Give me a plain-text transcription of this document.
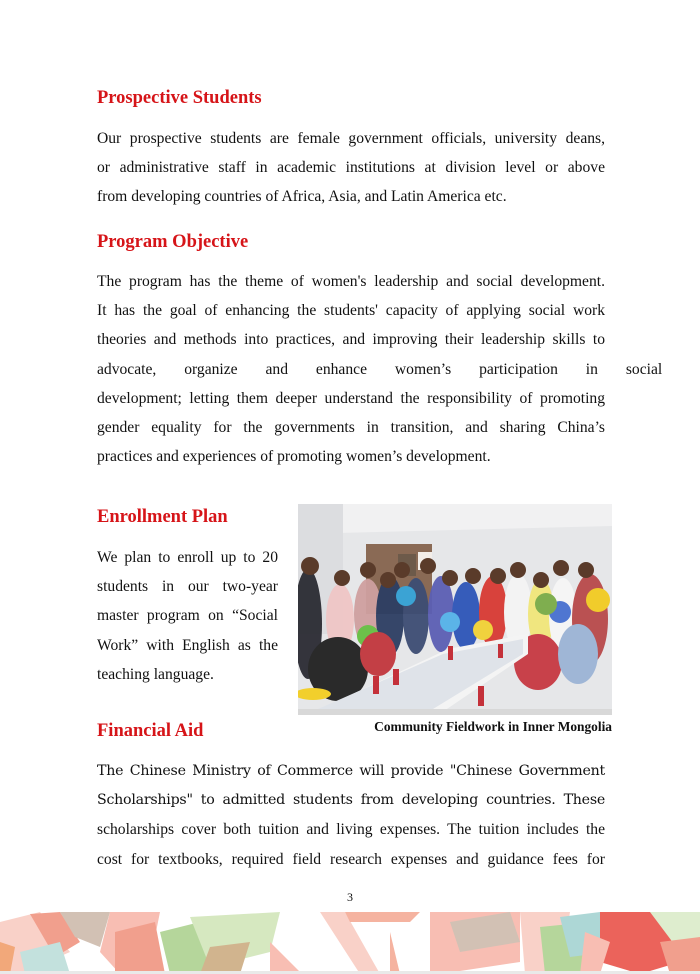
Prospective Students
Our prospective students are female government officials, university deans,
or administrative staff in academic institutions at division level or above
from developing countries of Africa, Asia, and Latin America etc.
Program Objective
The program has the theme of women's leadership and social development.
It has the goal of enhancing the students' capacity of applying social work
theories and methods into practices, and improving their leadership skills to
advocate, organize and enhance women’s participation in social
development; letting them deeper understand the responsibility of promoting
gender equality for the governments in transition, and sharing China’s
practices and experiences of promoting women’s development.
Enrollment Plan
We plan to enroll up to 20
students in our two-year
master program on “Social
Work” with English as the
teaching language.

Community Fieldwork in Inner Mongolia

Financial Aid
The Chinese Ministry of Commerce will provide "Chinese Government
Scholarships" to admitted students from developing countries. These
scholarships cover both tuition and living expenses. The tuition includes the
cost for textbooks, required field research expenses and guidance fees for
3
